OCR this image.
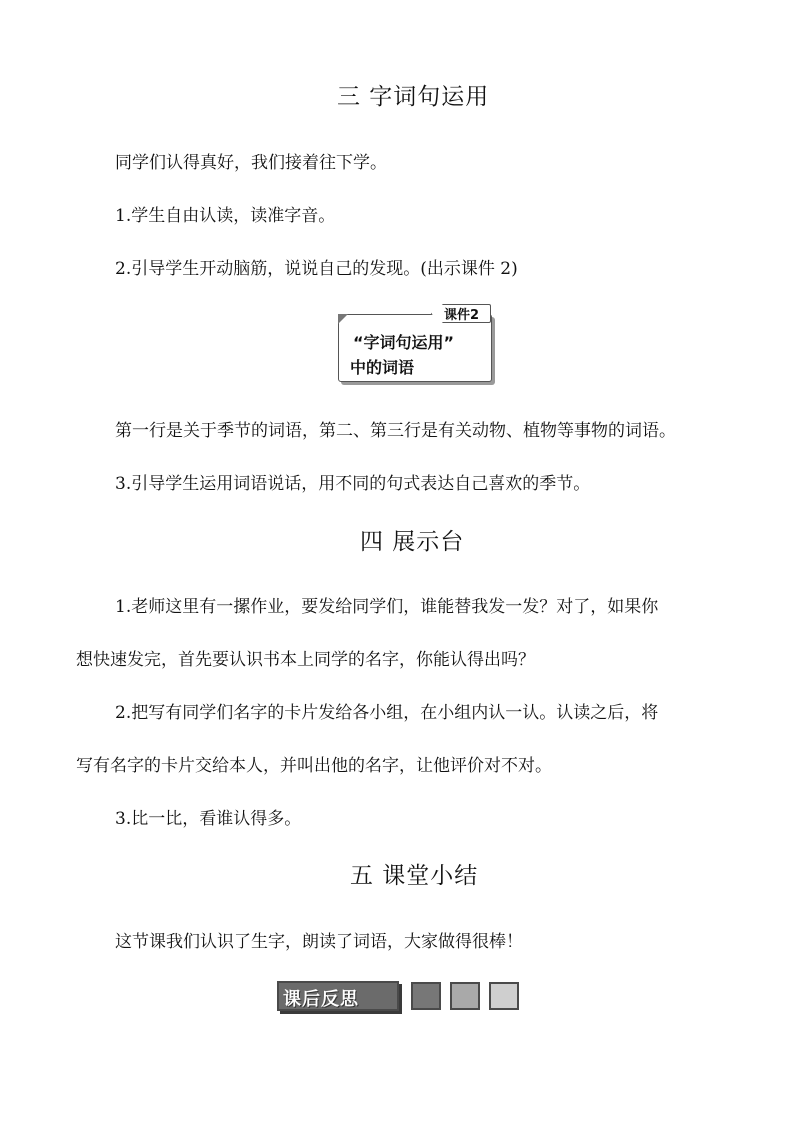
三 字词句运用
同学们认得真好，我们接着往下学。
1.学生自由认读，读准字音。
2.引导学生开动脑筋，说说自己的发现。(出示课件 2)
课件2
“字词句运用”
中的词语
第一行是关于季节的词语，第二、第三行是有关动物、植物等事物的词语。
3.引导学生运用词语说话，用不同的句式表达自己喜欢的季节。
四 展示台
1.老师这里有一摞作业，要发给同学们，谁能替我发一发？对了，如果你
想快速发完，首先要认识书本上同学的名字，你能认得出吗？
2.把写有同学们名字的卡片发给各小组，在小组内认一认。认读之后，将
写有名字的卡片交给本人，并叫出他的名字，让他评价对不对。
3.比一比，看谁认得多。
五 课堂小结
这节课我们认识了生字，朗读了词语，大家做得很棒！
课后反思
